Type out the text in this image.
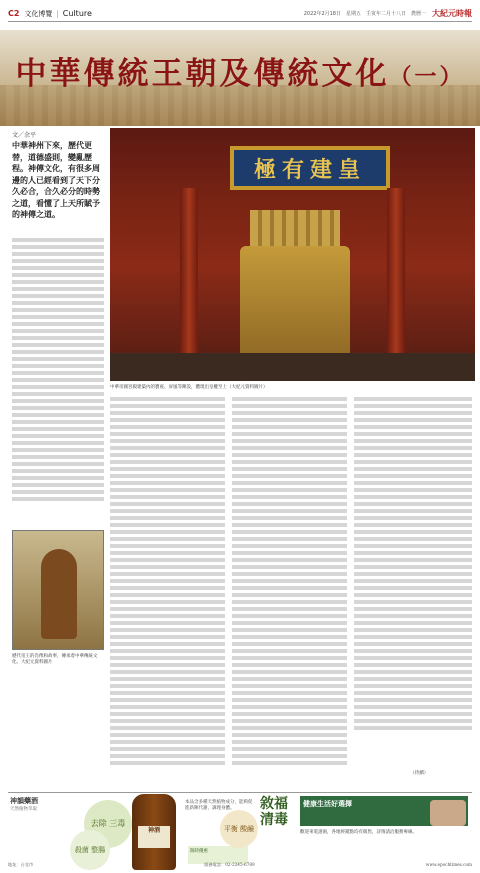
C2 文化博覽 | Culture	2022年2月18日　星期五　壬寅年二月十八日　農曆一 大紀元時報
中華傳統王朝及傳統文化（一）
文／余平
中華神州下來，歷代更替，道德盛則，變亂歷程。神傳文化，有很多周邊的人已經看到了天下分久必合，合久必分的時勢之道，看懂了上天所賦予的神傳之道。
極有建皇
中華帝國宮殿建築內的寶座、屏風等陳設，體現出皇權至上（大紀元資料圖片）
歷代帝王的肖像和故事，傳承着中華傳統文化。大紀元資料圖片
（待續）
神韻藥酒
天然植物萃取
去除 三毒
殺菌 整腸
神酒
本品含多種天然植物成分，能夠促進新陳代謝，調理身體。
限時優惠
平衡 酸鹼
敘福清毒
健康生活好選擇
歡迎來電諮詢，各地經銷點均有販售，詳情請洽服務專線。
地址：台北市	服務電話：02-2345-6789	www.epochtimes.com
